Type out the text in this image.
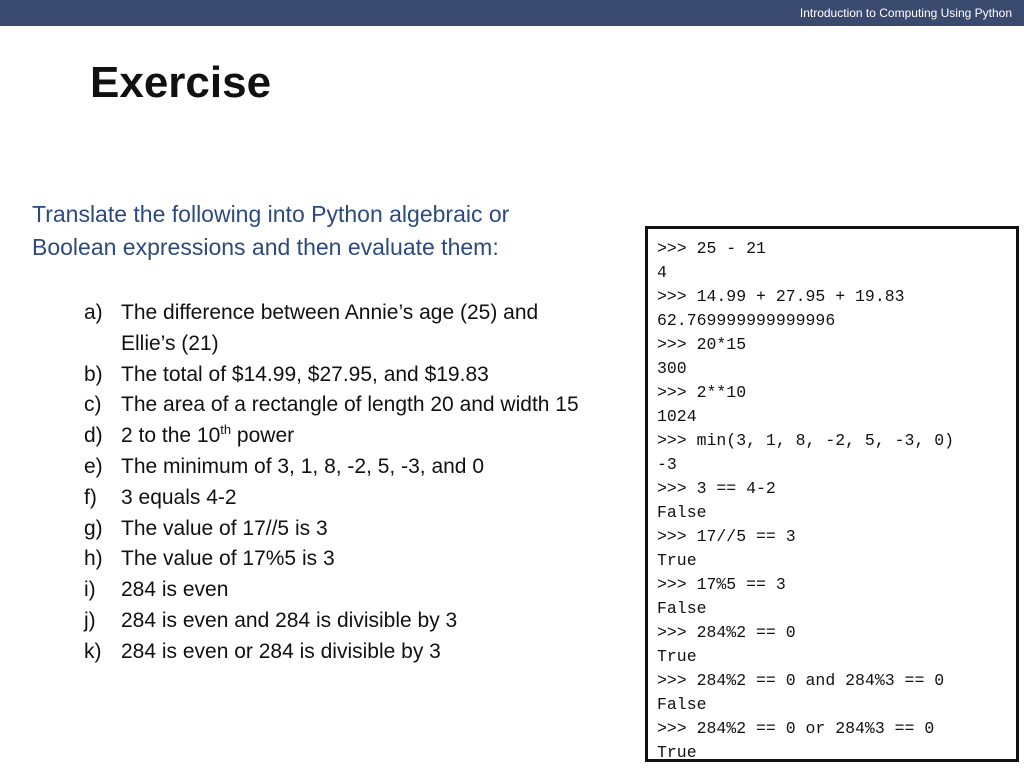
Introduction to Computing Using Python
Exercise
Translate the following into Python algebraic or
Boolean expressions and then evaluate them:
a) The difference between Annie’s age (25) and
Ellie’s (21)
b) The total of $14.99, $27.95, and $19.83
c) The area of a rectangle of length 20 and width 15
d) 2 to the 10th power
e) The minimum of 3, 1, 8, -2, 5, -3, and 0
f)	3 equals 4-2
g) The value of 17//5 is 3
h) The value of 17%5 is 3
i)	284 is even
j)	284 is even and 284 is divisible by 3
k) 284 is even or 284 is divisible by 3
>>> 25 - 21
4
>>> 14.99 + 27.95 + 19.83
62.769999999999996
>>> 20*15
300
>>> 2**10
1024
>>> min(3, 1, 8, -2, 5, -3, 0)
-3
>>> 3 == 4-2
False
>>> 17//5 == 3
True
>>> 17%5 == 3
False
>>> 284%2 == 0
True
>>> 284%2 == 0 and 284%3 == 0
False
>>> 284%2 == 0 or 284%3 == 0
True
